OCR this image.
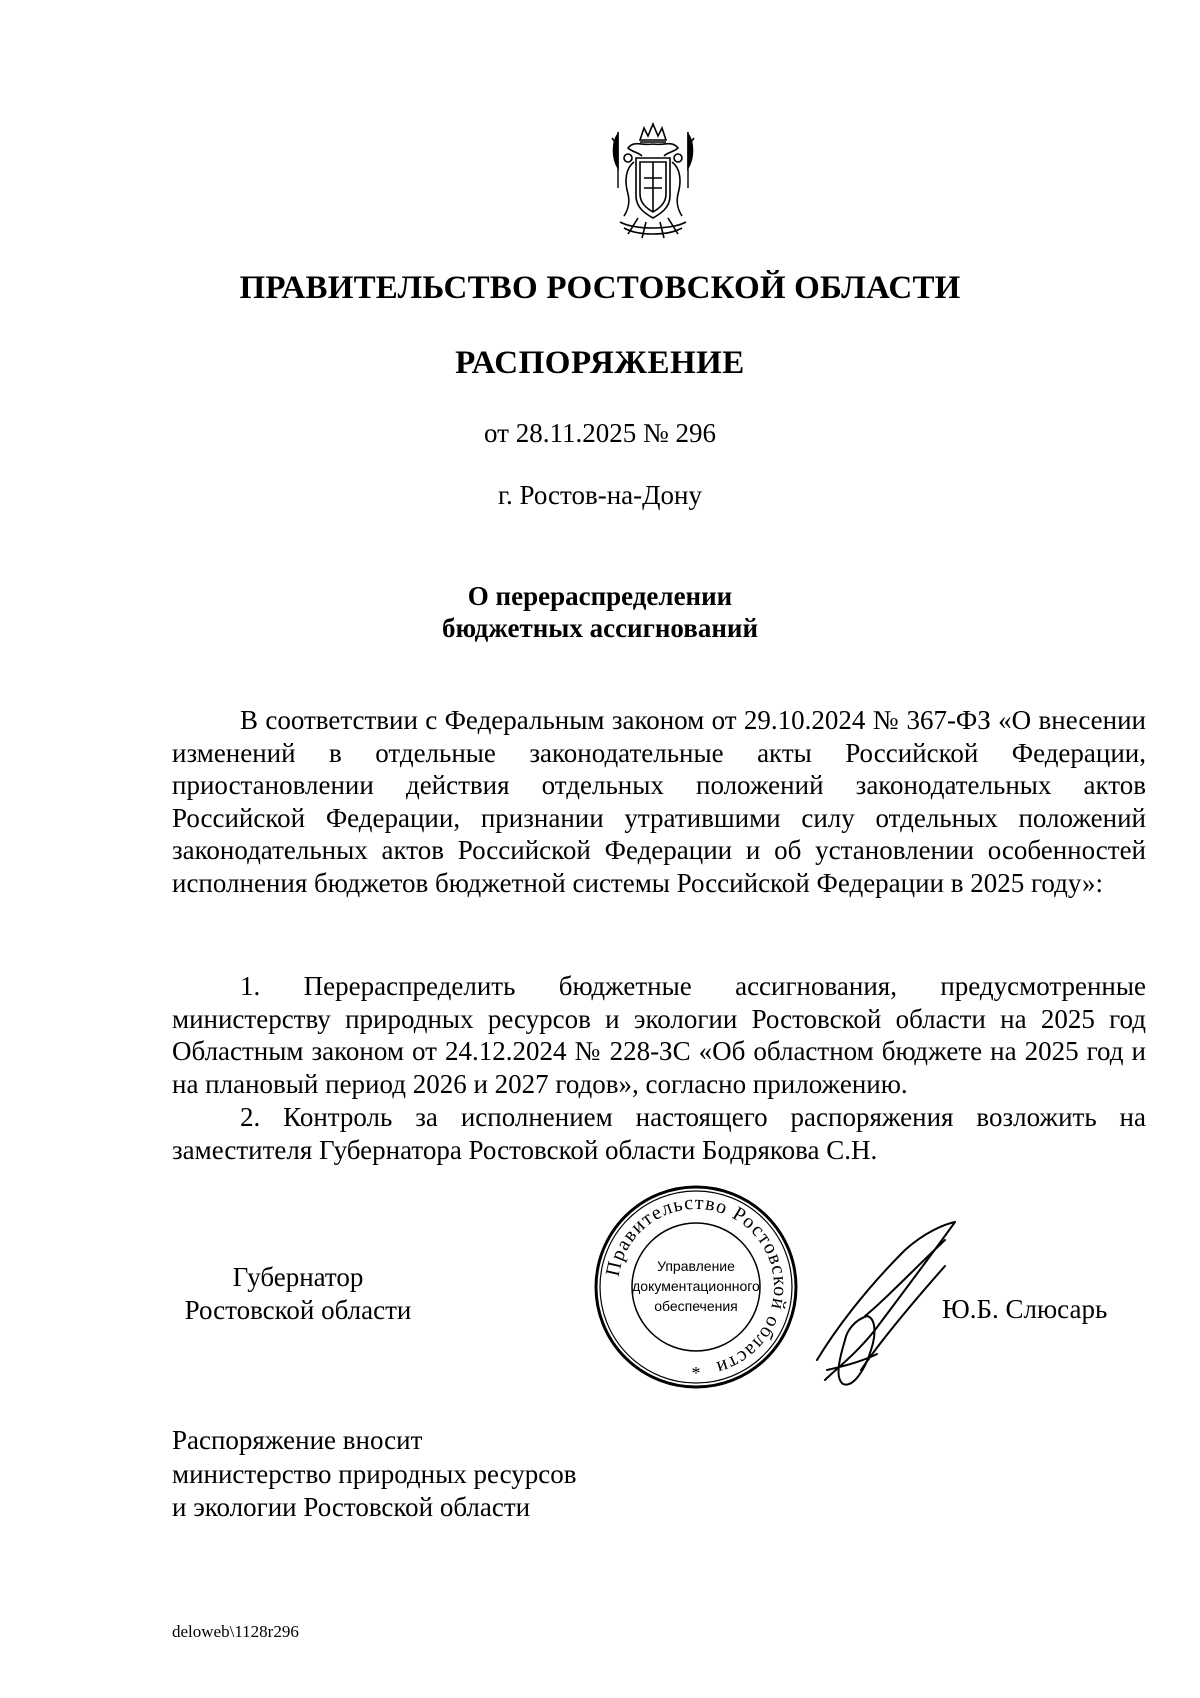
ПРАВИТЕЛЬСТВО РОСТОВСКОЙ ОБЛАСТИ
РАСПОРЯЖЕНИЕ
от 28.11.2025 № 296
г. Ростов-на-Дону
О перераспределении
бюджетных ассигнований

В соответствии с Федеральным законом от 29.10.2024 № 367-ФЗ «О внесении изменений в отдельные законодательные акты Российской Федерации, приостановлении действия отдельных положений законодательных актов Российской Федерации, признании утратившими силу отдельных положений законодательных актов Российской Федерации и об установлении особенностей исполнения бюджетов бюджетной системы Российской Федерации в 2025 году»:

1. Перераспределить бюджетные ассигнования, предусмотренные министерству природных ресурсов и экологии Ростовской области на 2025 год Областным законом от 24.12.2024 № 228-ЗС «Об областном бюджете на 2025 год и на плановый период 2026 и 2027 годов», согласно приложению.

2. Контроль за исполнением настоящего распоряжения возложить на заместителя Губернатора Ростовской области Бодрякова С.Н.

Губернатор
Ростовской области
Правительство Ростовской области
Управление
документационного
обеспечения
*
Ю.Б. Слюсарь
Распоряжение вносит
министерство природных ресурсов
и экологии Ростовской области
deloweb\1128r296
